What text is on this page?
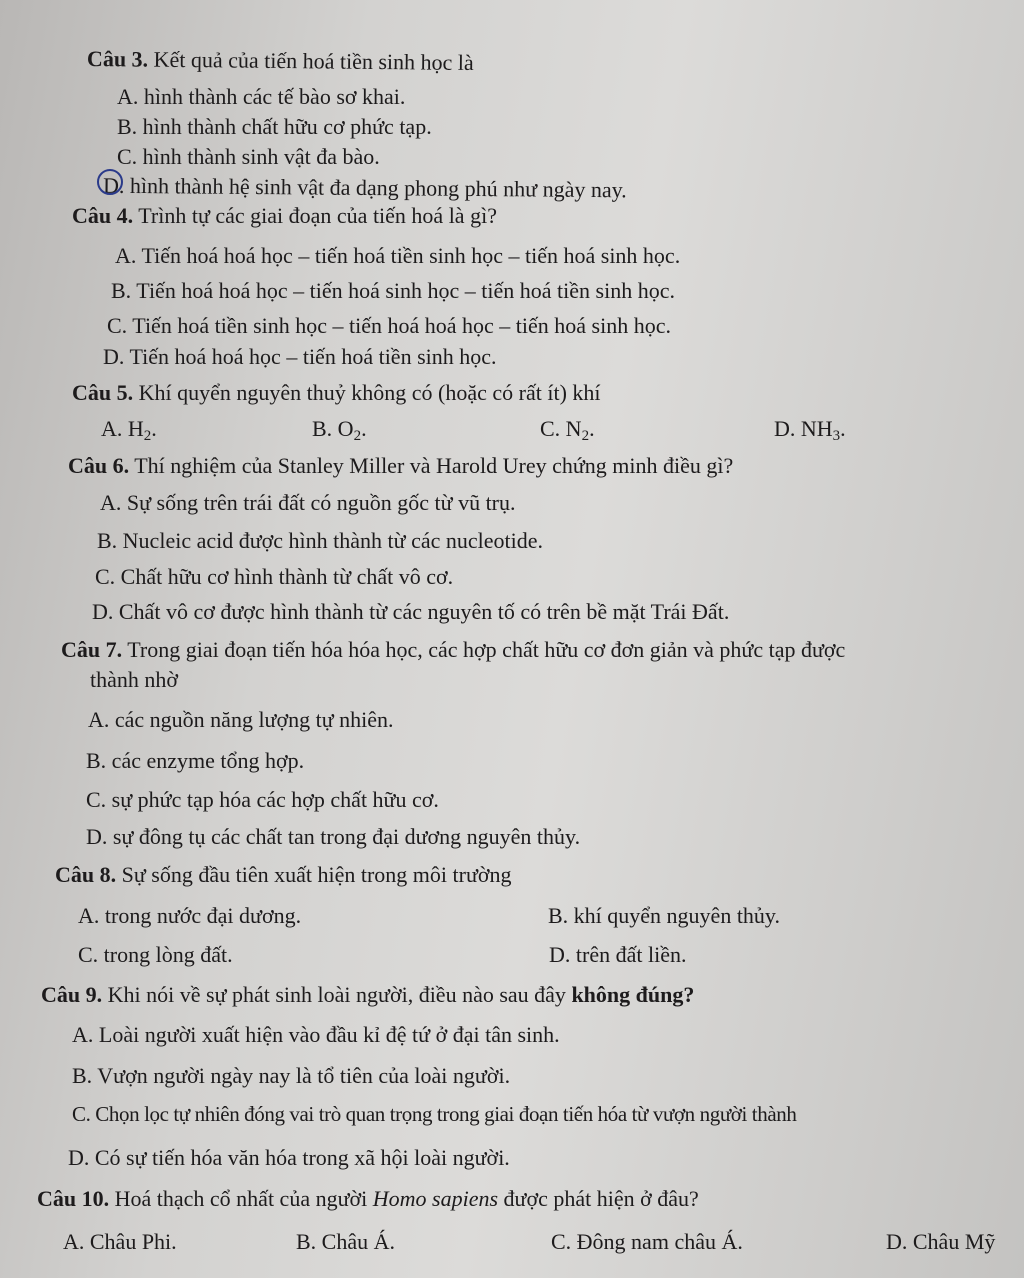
Câu 3. Kết quả của tiến hoá tiền sinh học là
A. hình thành các tế bào sơ khai.
B. hình thành chất hữu cơ phức tạp.
C. hình thành sinh vật đa bào.
D. hình thành hệ sinh vật đa dạng phong phú như ngày nay.
Câu 4. Trình tự các giai đoạn của tiến hoá là gì?
A. Tiến hoá hoá học – tiến hoá tiền sinh học – tiến hoá sinh học.
B. Tiến hoá hoá học – tiến hoá sinh học – tiến hoá tiền sinh học.
C. Tiến hoá tiền sinh học – tiến hoá hoá học – tiến hoá sinh học.
D. Tiến hoá hoá học – tiến hoá tiền sinh học.
Câu 5. Khí quyển nguyên thuỷ không có (hoặc có rất ít) khí
A. $H_2$.	B. $O_2$.	C. $N_2$.	D. $NH_3$.
Câu 6. Thí nghiệm của Stanley Miller và Harold Urey chứng minh điều gì?
A. Sự sống trên trái đất có nguồn gốc từ vũ trụ.
B. Nucleic acid được hình thành từ các nucleotide.
C. Chất hữu cơ hình thành từ chất vô cơ.
D. Chất vô cơ được hình thành từ các nguyên tố có trên bề mặt Trái Đất.
Câu 7. Trong giai đoạn tiến hóa hóa học, các hợp chất hữu cơ đơn giản và phức tạp được
thành nhờ
A. các nguồn năng lượng tự nhiên.
B. các enzyme tổng hợp.
C. sự phức tạp hóa các hợp chất hữu cơ.
D. sự đông tụ các chất tan trong đại dương nguyên thủy.
Câu 8. Sự sống đầu tiên xuất hiện trong môi trường
A. trong nước đại dương.	B. khí quyển nguyên thủy.
C. trong lòng đất.	D. trên đất liền.
Câu 9. Khi nói về sự phát sinh loài người, điều nào sau đây không đúng?
A. Loài người xuất hiện vào đầu kỉ đệ tứ ở đại tân sinh.
B. Vượn người ngày nay là tổ tiên của loài người.
C. Chọn lọc tự nhiên đóng vai trò quan trọng trong giai đoạn tiến hóa từ vượn người thành
D. Có sự tiến hóa văn hóa trong xã hội loài người.
Câu 10. Hoá thạch cổ nhất của người Homo sapiens được phát hiện ở đâu?
A. Châu Phi.	B. Châu Á.	C. Đông nam châu Á.	D. Châu Mỹ
